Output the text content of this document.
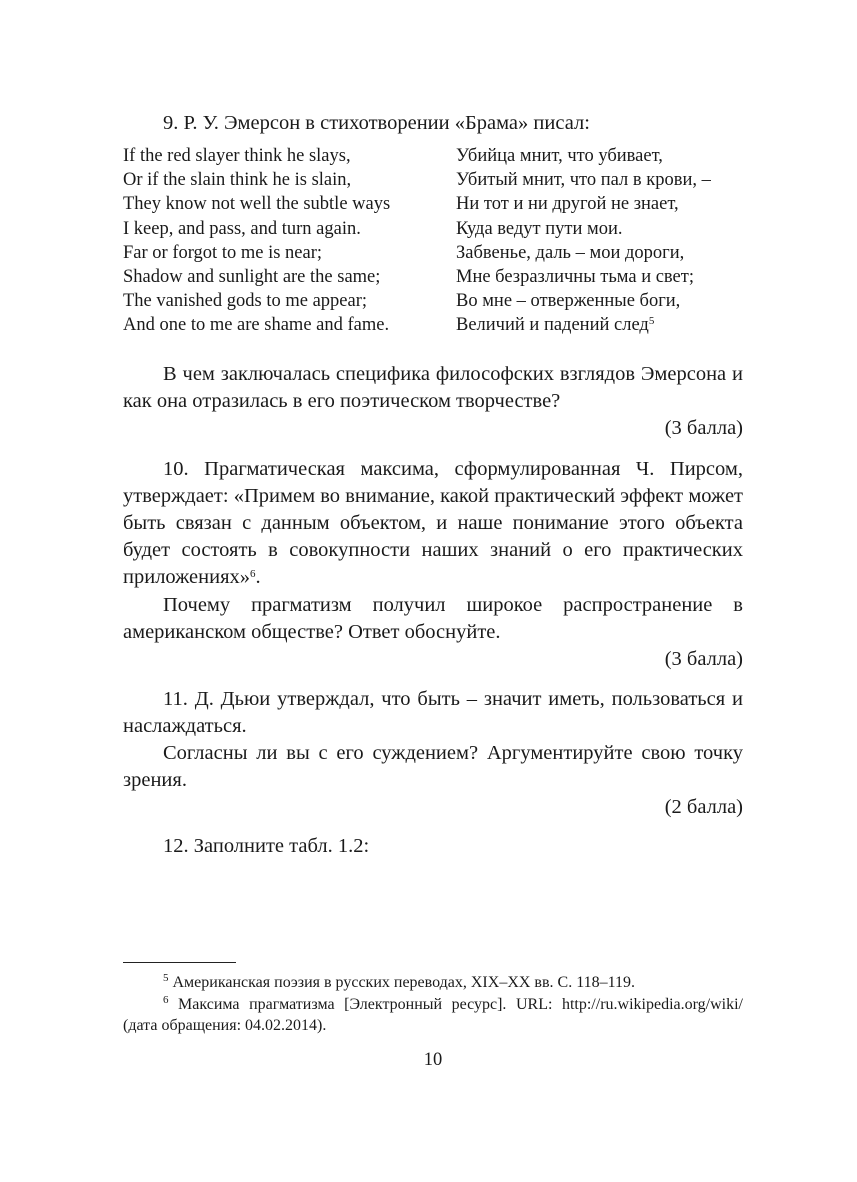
9. Р. У. Эмерсон в стихотворении «Брама» писал:

If the red slayer think he slays,
Or if the slain think he is slain,
They know not well the subtle ways
I keep, and pass, and turn again.
Far or forgot to me is near;
Shadow and sunlight are the same;
The vanished gods to me appear;
And one to me are shame and fame.
Убийца мнит, что убивает,
Убитый мнит, что пал в крови, –
Ни тот и ни другой не знает,
Куда ведут пути мои.
Забвенье, даль – мои дороги,
Мне безразличны тьма и свет;
Во мне – отверженные боги,
Величий и падений след$^5$

В чем заключалась специфика философских взглядов Эмерсона и как она отразилась в его поэтическом творчестве?

(3 балла)

10. Прагматическая максима, сформулированная Ч. Пирсом, утверждает: «Примем во внимание, какой практический эффект может быть связан с данным объектом, и наше понимание этого объекта будет состоять в совокупности наших знаний о его практических приложениях»$^6$.

Почему прагматизм получил широкое распространение в американском обществе? Ответ обоснуйте.

(3 балла)

11. Д. Дьюи утверждал, что быть – значит иметь, пользоваться и наслаждаться.

Согласны ли вы с его суждением? Аргументируйте свою точку зрения.

(2 балла)

12. Заполните табл. 1.2:

$^5$ Американская поэзия в русских переводах, XIX–XX вв. С. 118–119.

$^6$ Максима прагматизма [Электронный ресурс]. URL: http://ru.wikipedia.org/wiki/ (дата обращения: 04.02.2014).

10
